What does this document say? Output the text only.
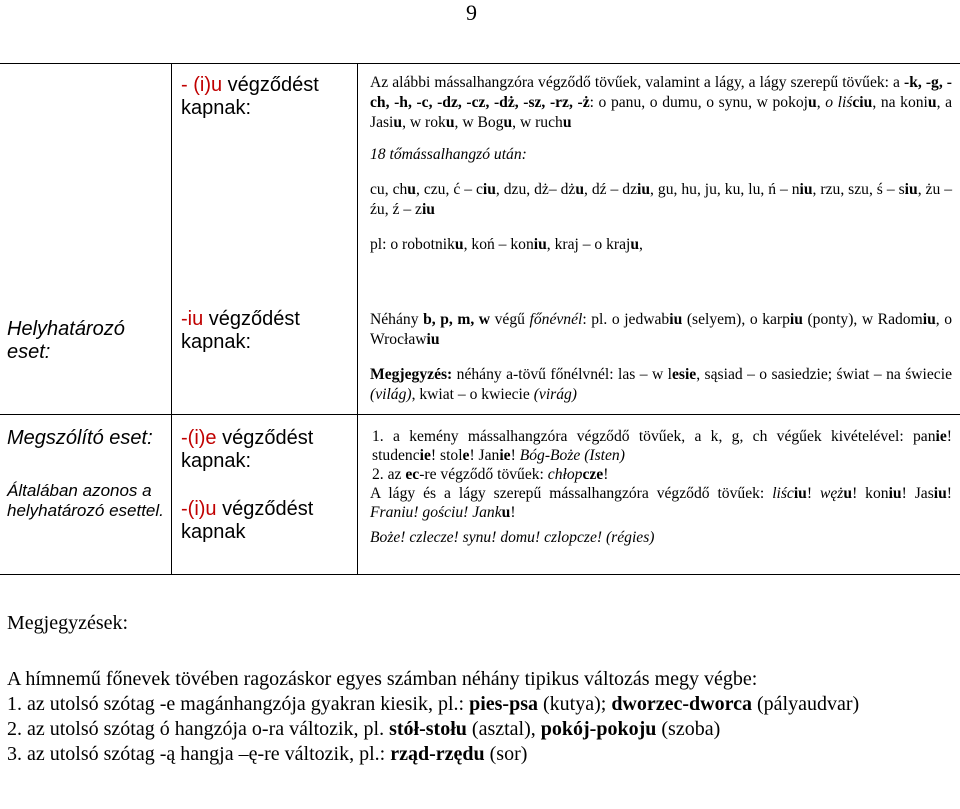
9
- (i)u végződést kapnak:

Az alábbi mássalhangzóra végződő tövűek, valamint a lágy, a lágy szerepű tövűek: a -k, -g, -ch, -h, -c, -dz, -cz, -dż, -sz, -rz, -ż: o panu, o dumu, o synu, w pokoju, o liściu, na koniu, a Jasiu, w roku, w Bogu, w ruchu

18 tőmássalhangzó után:

cu, chu, czu, ć – ciu, dzu, dż– dżu, dź – dziu, gu, hu, ju, ku, lu, ń – niu, rzu, szu, ś – siu, żu – źu, ź – ziu

pl: o robotniku, koń – koniu, kraj – o kraju,

Helyhatározó eset:
-iu végződést kapnak:

Néhány b, p, m, w végű főnévnél: pl. o jedwabiu (selyem), o karpiu (ponty), w Radomiu, o Wrocławiu

Megjegyzés: néhány a-tövű főnélvnél: las – w lesie, sąsiad – o sasiedzie; świat – na świecie (világ), kwiat – o kwiecie (virág)

Megszólító eset:
Általában azonos a helyhatározó esettel.
-(i)e végződést kapnak:
-(i)u végződést kapnak

1. a kemény mássalhangzóra végződő tövűek, a k, g, ch végűek kivételével: panie! studencie! stole! Janie! Bóg-Boże (Isten)

2. az ec-re végződő tövűek: chłopcze!

A lágy és a lágy szerepű mássalhangzóra végződő tövűek: liściu! wężu! koniu! Jasiu! Franiu! gościu! Janku!

Boże! czlecze! synu! domu! czlopcze! (régies)

Megjegyzések:
A hímnemű főnevek tövében ragozáskor egyes számban néhány tipikus változás megy végbe:
1. az utolsó szótag -e magánhangzója gyakran kiesik, pl.: pies-psa (kutya); dworzec-dworca (pályaudvar)
2. az utolsó szótag ó hangzója o-ra változik, pl. stół-stołu (asztal), pokój-pokoju (szoba)
3. az utolsó szótag -ą hangja –ę-re változik, pl.: rząd-rzędu (sor)
